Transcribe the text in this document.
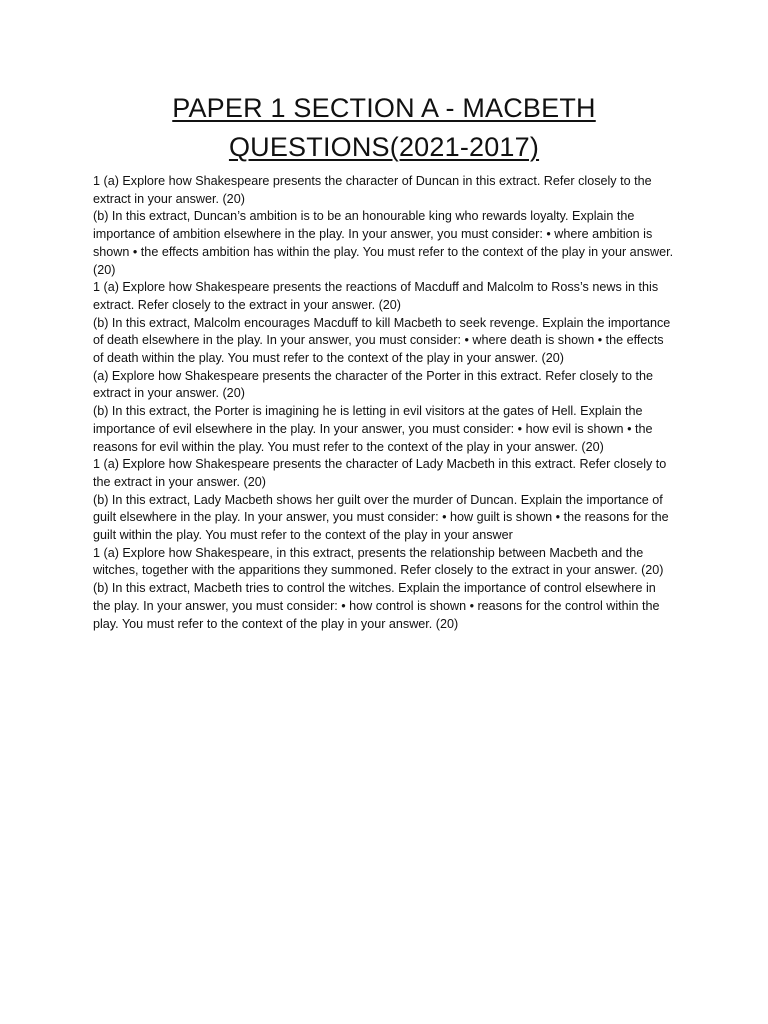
PAPER 1 SECTION A - MACBETH
QUESTIONS(2021-2017)

1 (a) Explore how Shakespeare presents the character of Duncan in this extract. Refer closely to the extract in your answer. (20)

(b) In this extract, Duncan’s ambition is to be an honourable king who rewards loyalty. Explain the importance of ambition elsewhere in the play. In your answer, you must consider: • where ambition is shown • the effects ambition has within the play. You must refer to the context of the play in your answer. (20)

1 (a) Explore how Shakespeare presents the reactions of Macduff and Malcolm to Ross’s news in this extract. Refer closely to the extract in your answer. (20)

(b) In this extract, Malcolm encourages Macduff to kill Macbeth to seek revenge. Explain the importance of death elsewhere in the play. In your answer, you must consider: • where death is shown • the effects of death within the play. You must refer to the context of the play in your answer. (20)

(a) Explore how Shakespeare presents the character of the Porter in this extract. Refer closely to the extract in your answer. (20)

(b) In this extract, the Porter is imagining he is letting in evil visitors at the gates of Hell. Explain the importance of evil elsewhere in the play. In your answer, you must consider: • how evil is shown • the reasons for evil within the play. You must refer to the context of the play in your answer. (20)

1 (a) Explore how Shakespeare presents the character of Lady Macbeth in this extract. Refer closely to the extract in your answer. (20)

(b) In this extract, Lady Macbeth shows her guilt over the murder of Duncan. Explain the importance of guilt elsewhere in the play. In your answer, you must consider: • how guilt is shown • the reasons for the guilt within the play. You must refer to the context of the play in your answer

1 (a) Explore how Shakespeare, in this extract, presents the relationship between Macbeth and the witches, together with the apparitions they summoned. Refer closely to the extract in your answer. (20)

(b) In this extract, Macbeth tries to control the witches. Explain the importance of control elsewhere in the play. In your answer, you must consider: • how control is shown • reasons for the control within the play. You must refer to the context of the play in your answer. (20)
